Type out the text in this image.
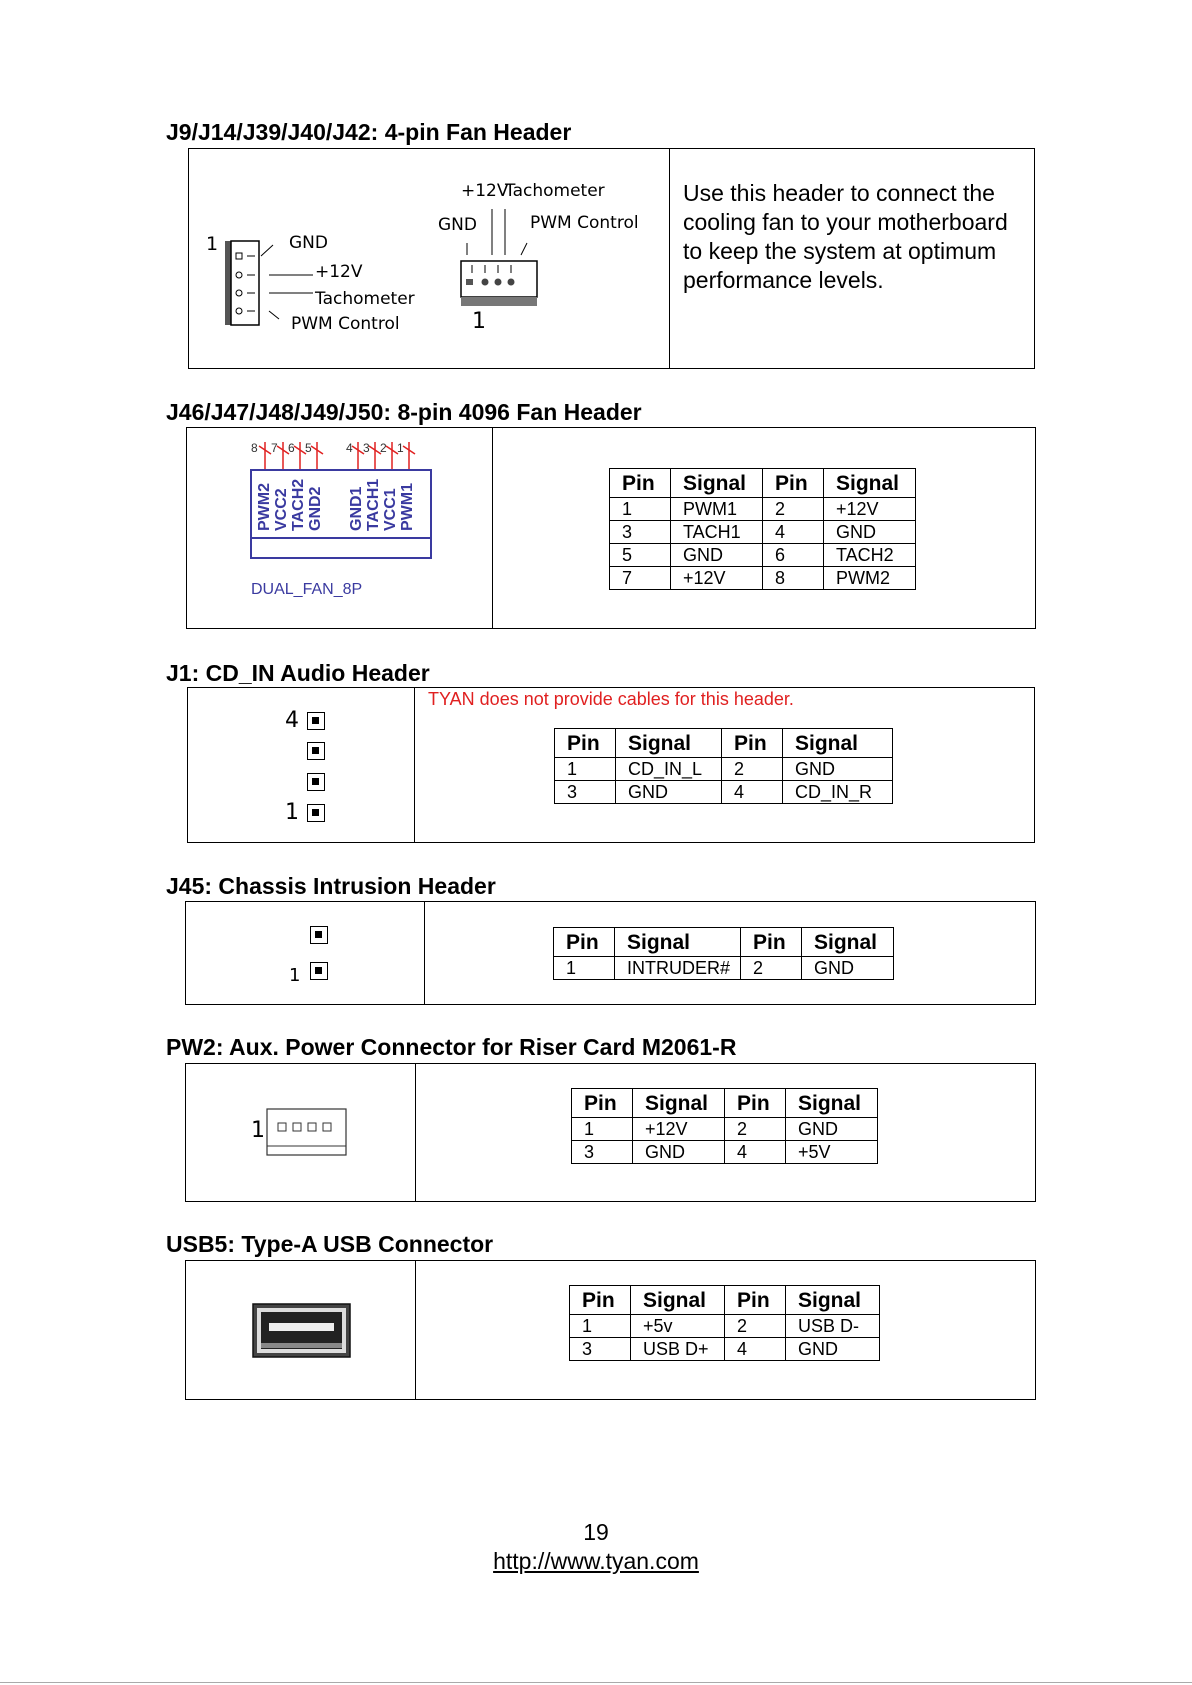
J9/J14/J39/J40/J42: 4-pin Fan Header
1	GND
+12V
Tachometer
PWM Control
+12V
Tachometer
GND	PWM Control
1
Use this header to connect the cooling fan to your motherboard to keep the system at optimum performance levels.
J46/J47/J48/J49/J50: 8-pin 4096 Fan Header
8 7 6 5	4 3 2 1
PWM2 VCC2 TACH2 GND2 GND1 TACH1 VCC1 PWM1
DUAL_FAN_8P
Pin	Signal	Pin	Signal
1	PWM1	2	+12V
3	TACH1	4	GND
5	GND	6	TACH2
7	+12V	8	PWM2
J1: CD_IN Audio Header
4
1
TYAN does not provide cables for this header.
Pin	Signal	Pin	Signal
1	CD_IN_L	2	GND
3	GND	4	CD_IN_R
J45: Chassis Intrusion Header
1
Pin	Signal	Pin	Signal
1	INTRUDER#	2	GND
PW2: Aux. Power Connector for Riser Card M2061-R
1
Pin	Signal	Pin	Signal
1	+12V	2	GND
3	GND	4	+5V
USB5: Type-A USB Connector
Pin	Signal	Pin	Signal
1	+5v	2	USB D-
3	USB D+	4	GND
19
http://www.tyan.com
